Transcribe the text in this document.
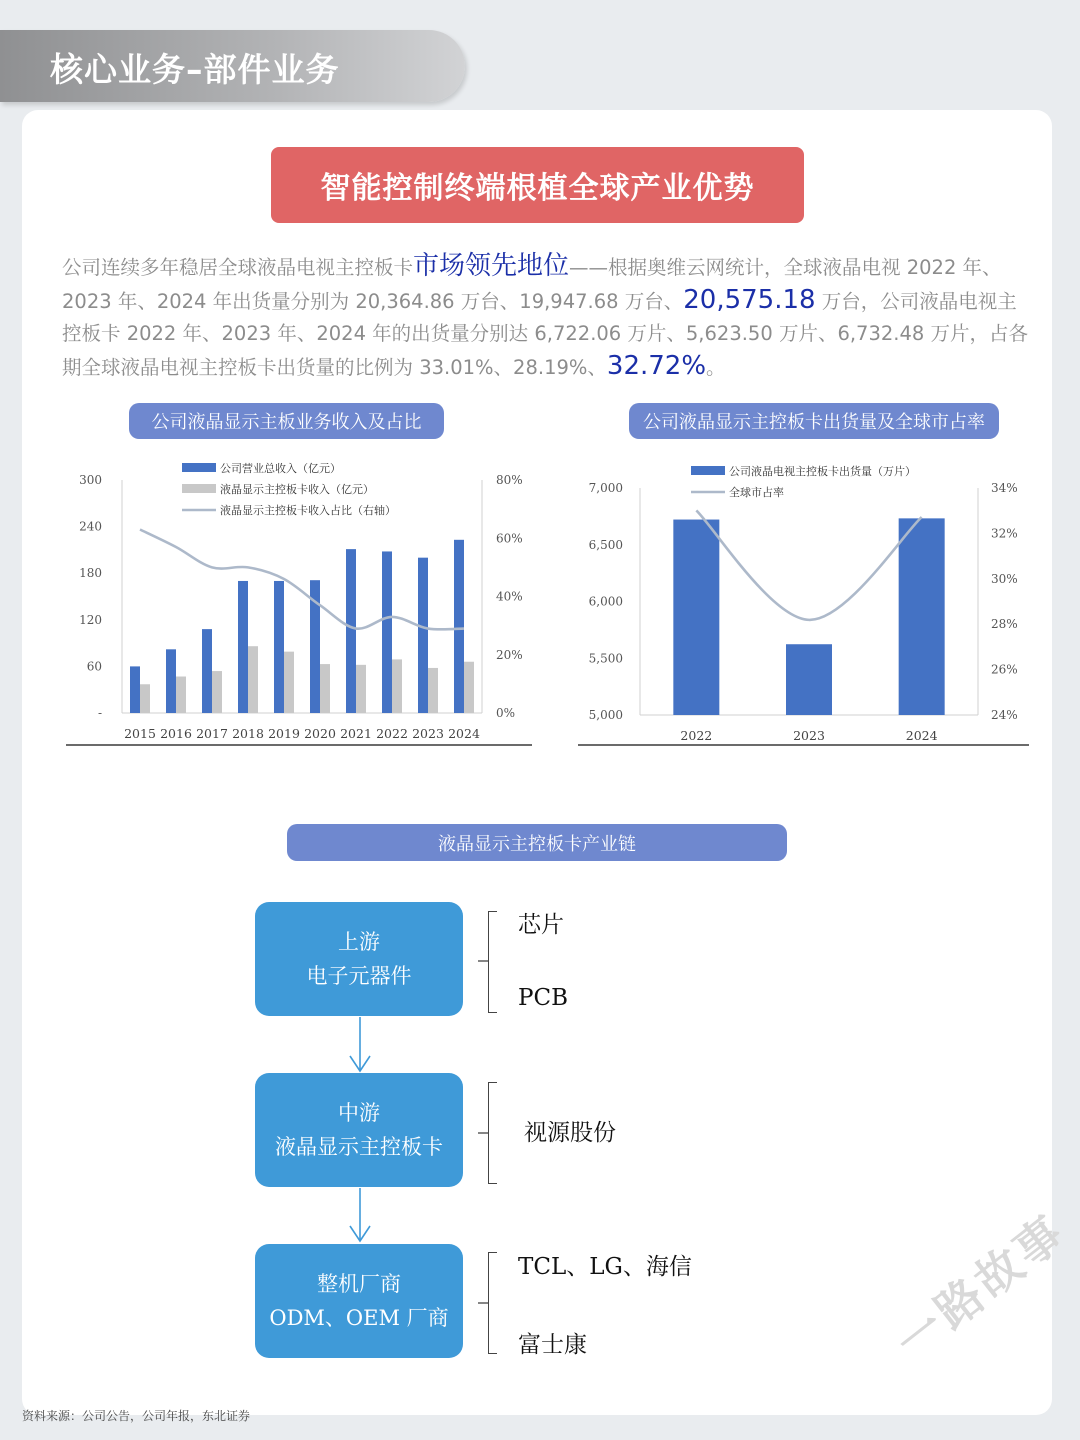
核心业务–部件业务
智能控制终端根植全球产业优势
公司连续多年稳居全球液晶电视主控板卡市场领先地位——根据奥维云网统计，全球液晶电视 2022 年、2023 年、2024 年出货量分别为 20,364.86 万台、19,947.68 万台、20,575.18 万台，公司液晶电视主控板卡 2022 年、2023 年、2024 年的出货量分别达 6,722.06 万片、5,623.50 万片、6,732.48 万片，占各期全球液晶电视主控板卡出货量的比例为 33.01%、28.19%、32.72%。
公司液晶显示主板业务收入及占比	公司液晶显示主控板卡出货量及全球市占率
300
240
180
120
60
-
80%
60%
40%
20%
0%
2015 2016 2017 2018 2019 2020 2021 2022 2023 2024
公司营业总收入（亿元）
液晶显示主控板卡收入（亿元）
液晶显示主控板卡收入占比（右轴）
7,000
6,500
6,000
5,500
5,000
34%
32%
30%
28%
26%
24%
2022	2023	2024
公司液晶电视主控板卡出货量（万片）
全球市占率
液晶显示主控板卡产业链
上游
电子元器件
中游
液晶显示主控板卡
整机厂商
ODM、OEM 厂商
芯片
PCB
视源股份
TCL、LG、海信
富士康
资料来源：公司公告，公司年报，东北证券
一路故事
